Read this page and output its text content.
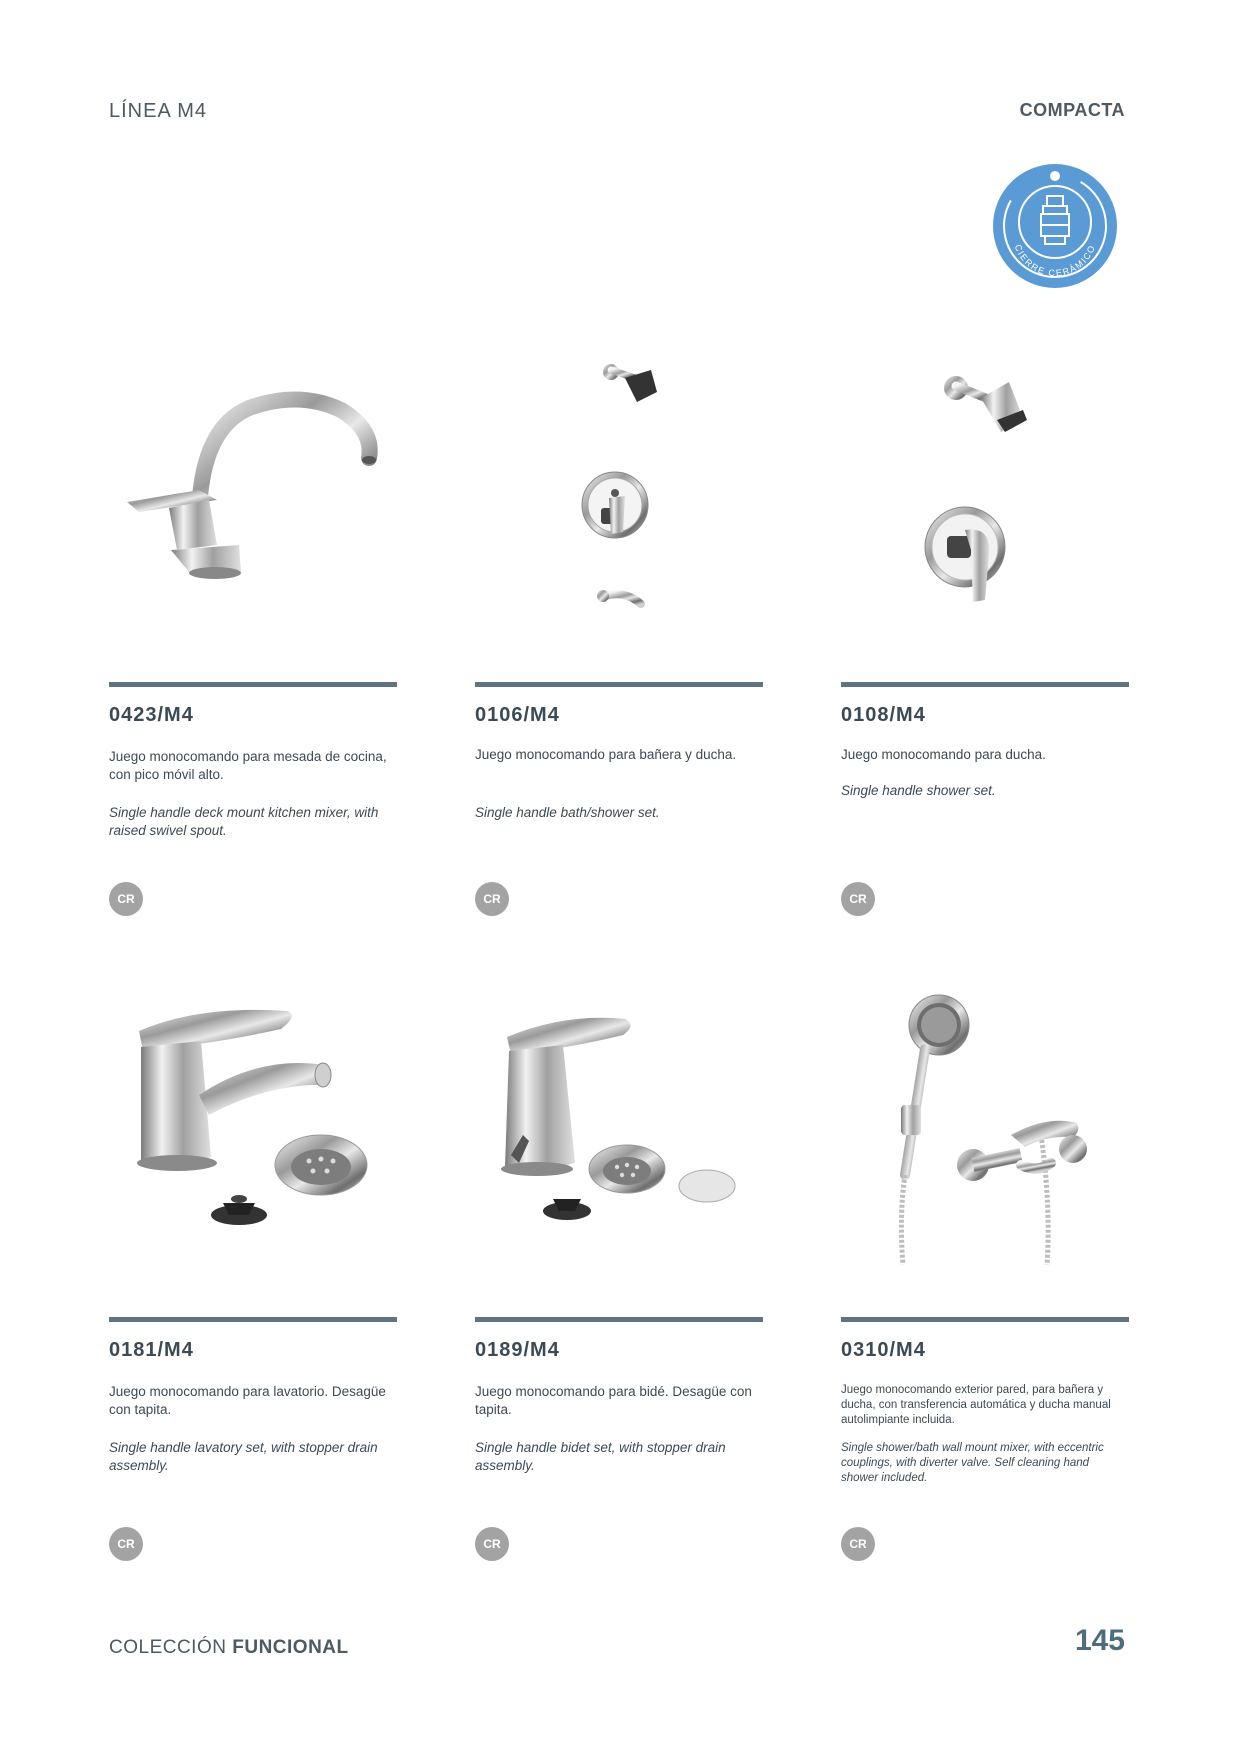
LÍNEA M4	COMPACTA
CIERRE CERÁMICO
0423/M4
Juego monocomando para mesada de cocina, con pico móvil alto.
Single handle deck mount kitchen mixer, with raised swivel spout.
CR
0106/M4
Juego monocomando para bañera y ducha.
Single handle bath/shower set.
CR
0108/M4
Juego monocomando para ducha.
Single handle shower set.
CR
0181/M4
Juego monocomando para lavatorio. Desagüe con tapita.
Single handle lavatory set, with stopper drain assembly.
CR
0189/M4
Juego monocomando para bidé. Desagüe con tapita.
Single handle bidet set, with stopper drain assembly.
CR
0310/M4
Juego monocomando exterior pared, para bañera y ducha, con transferencia automática y ducha manual autolimpiante incluida.
Single shower/bath wall mount mixer, with eccentric couplings, with diverter valve. Self cleaning hand shower included.
CR
COLECCIÓN FUNCIONAL	145
